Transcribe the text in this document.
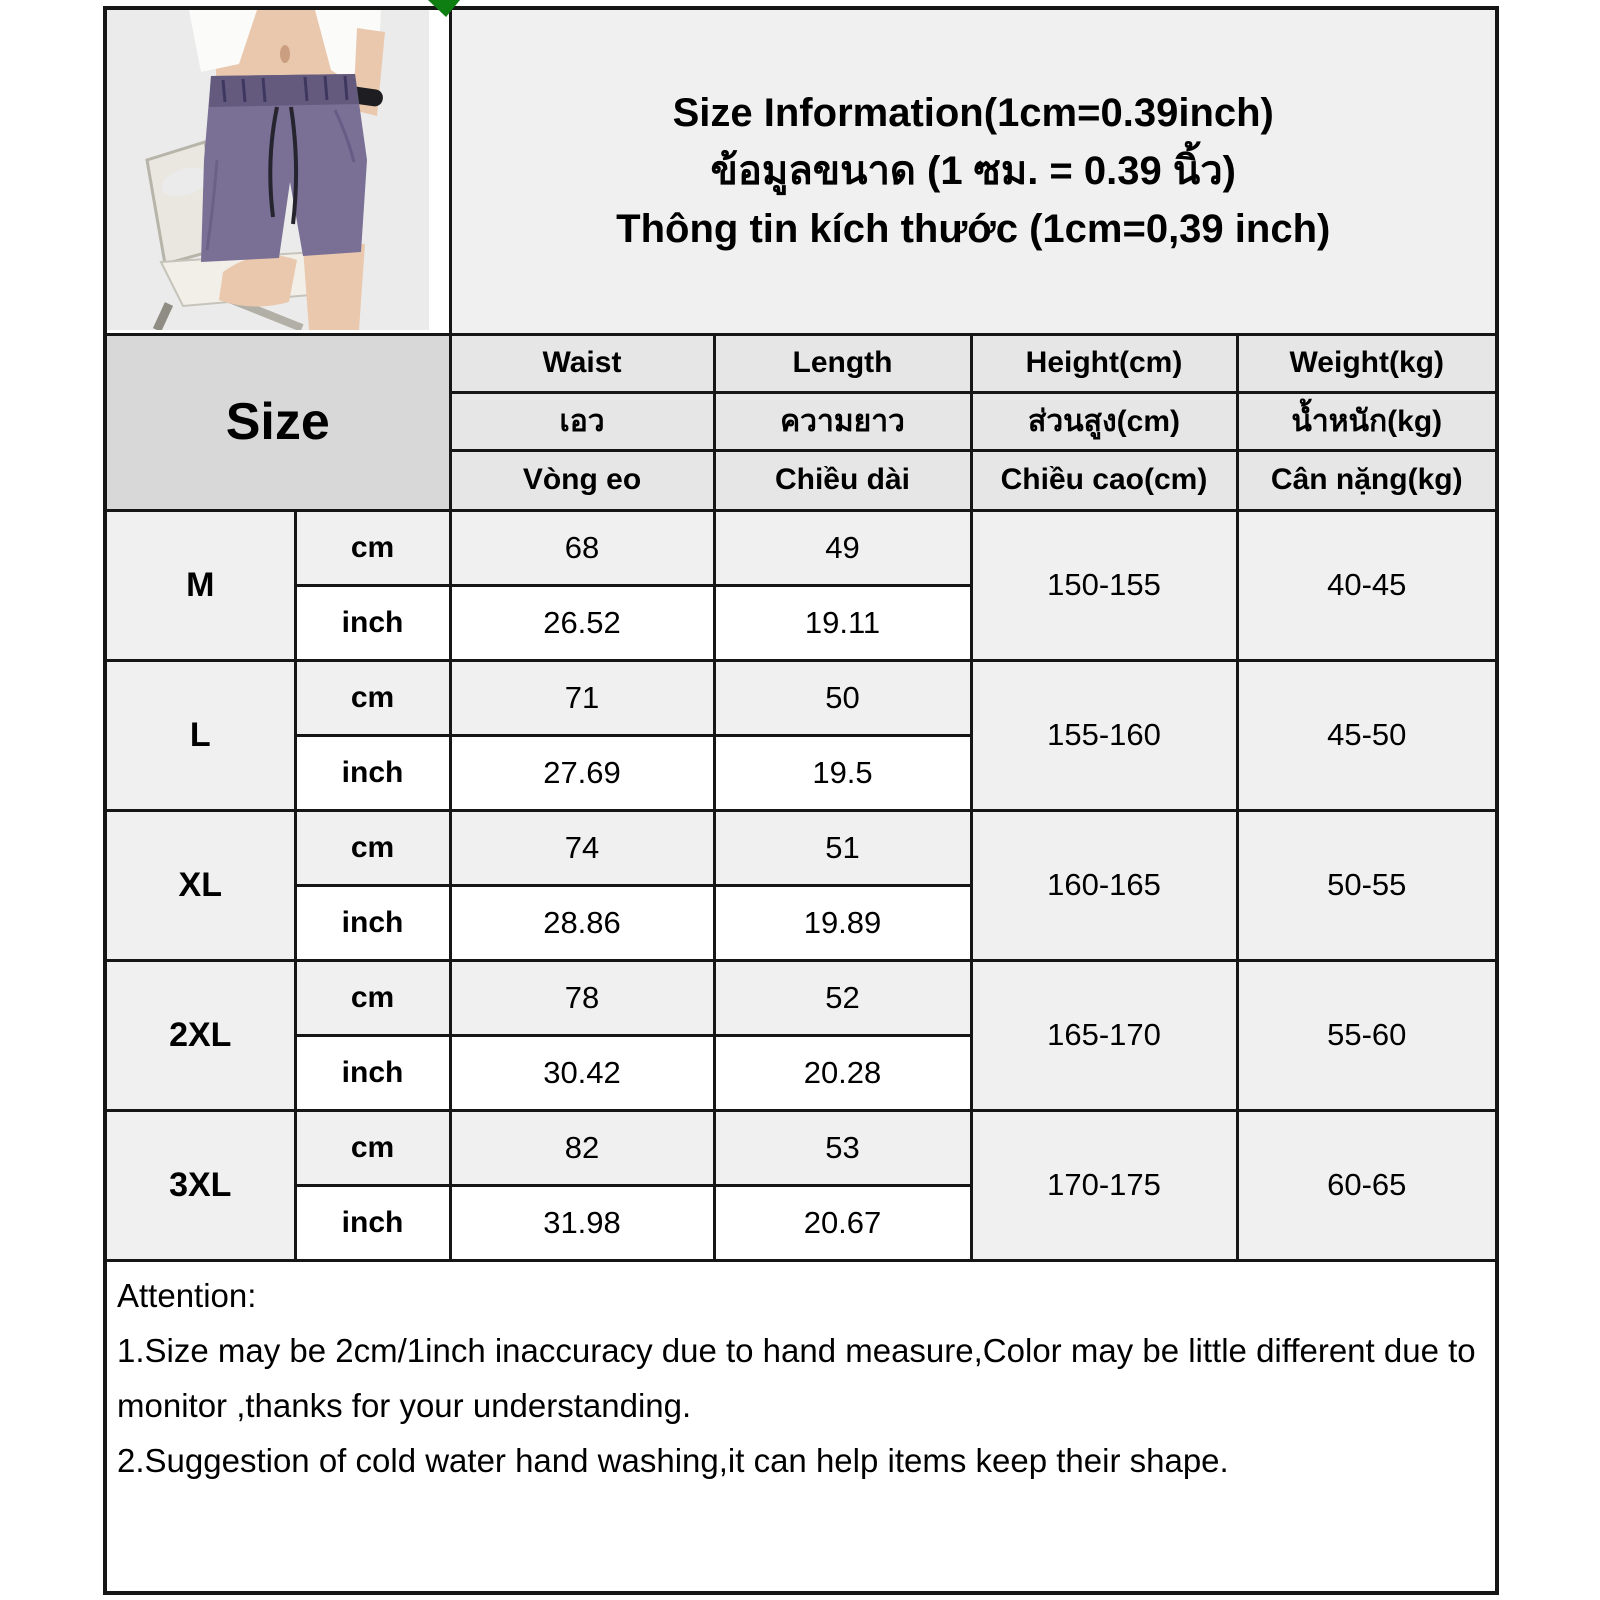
Size Information(1cm=0.39inch)
ข้อมูลขนาด (1 ซม. = 0.39 นิ้ว)
Thông tin kích thước (1cm=0,39 inch)			

Size		Waist	Length	Height(cm)	Weight(kg)
		เอว	ความยาว	ส่วนสูง(cm)	น้ำหนัก(kg)
		Vòng eo	Chiều dài	Chiều cao(cm)	Cân nặng(kg)
M	cm	68	49	150-155	40-45
	inch	26.52	19.11		
L	cm	71	50	155-160	45-50
	inch	27.69	19.5		
XL	cm	74	51	160-165	50-55
	inch	28.86	19.89		
2XL	cm	78	52	165-170	55-60
	inch	30.42	20.28		
3XL	cm	82	53	170-175	60-65
	inch	31.98	20.67		

Attention:
1.Size may be 2cm/1inch inaccuracy due to hand measure,Color may be little different due to monitor ,thanks for your understanding.
2.Suggestion of cold water hand washing,it can help items keep their shape.					
